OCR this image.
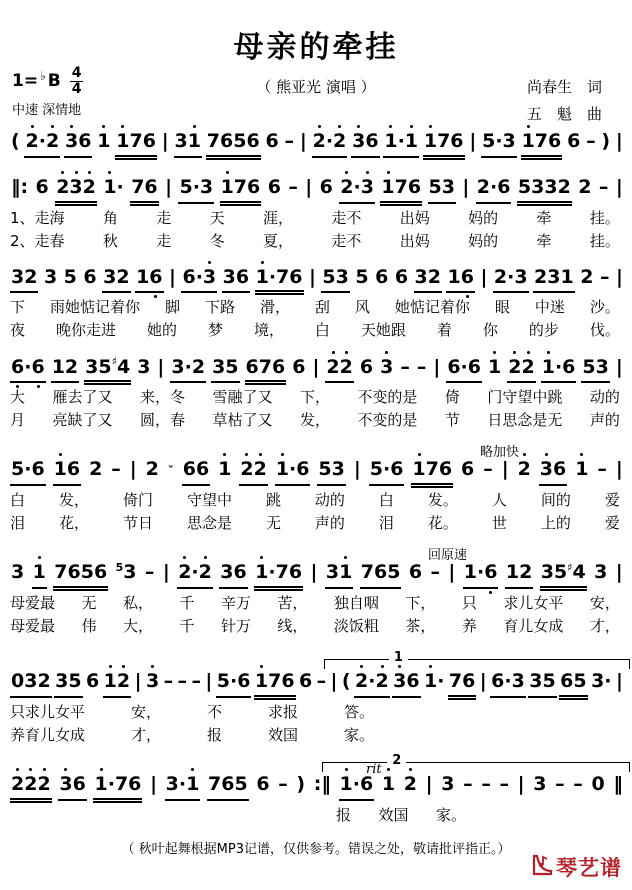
母亲的牵挂
（ 熊亚光 演唱 ）
1= ♭ B $\frac{4}{4}$
中速 深情地
尚春生　词
五　魁　曲
( 2·2 36 1 176 | 31 7656 6 – | 2·2 36 1·1 176 | 5·3 176 6 – ) |
‖: 6 232 1· 76 | 5·3 176 6 – | 6 2·3 176 53 | 2·6 5332 2 – |
1、走海	角	走	天	涯，	走不	出妈	妈的	牵	挂。
2、走春	秋	走	冬	夏，	走不	出妈	妈的	牵	挂。
32 3 5 6 32 16 | 6·3 36 1·76 | 53 5 6 6 32 16 | 2·3 231 2 – |
下 雨她惦记着你 脚 下路 滑， 刮 风 她惦记着你 眼 中迷 沙。
夜 晚你走进 她的 梦 境， 白 天她跟 着 你 的步 伐。
6·6 12 35♯4 3 | 3·2 35 676 6 | 22 6 3 – – | 6·6 1 22 1·6 53 |
大 雁去了又 来，冬 雪融了又 下， 不变的是 倚 门守望中跳 动的
月 亮缺了又 圆，春 草枯了又 发， 不变的是 节 日思念是无 声的
略加快
5·6 16 2 – | 2 ˇ 66 1 22 1·6 53 | 5·6 176 6 – | 2 36 1 – |
白 发， 倚门 守望中 跳 动的 白 发。 人 间的 爱
泪 花， 节日 思念是 无 声的 泪 花。 世 上的 爱
回原速
3 1 7656 $^5$3 – | 2·2 36 1·76 | 31 765 6 – | 1·6 12 35♯4 3 |
母爱最 无 私， 千 辛万 苦， 独自咽 下， 只 求儿女平 安，
母爱最 伟 大， 千 针万 线， 淡饭粗 茶， 养 育儿女成 才，
1
032 35 6 12 | 3 – – – | 5·6 176 6 – | ( 2·2 36 1· 76 | 6·3 35 65 3· |
只求儿女平	安，	不	求报	答。
养育儿女成	才，	报	效国	家。
2
rit
222 36 1·76 | 3·1 765 6 – ) :‖ 1·6 1 2 | 3 – – – | 3 – – 0 ‖
报 效国 家。
（ 秋叶起舞根据MP3记谱，仅供参考。错误之处，敬请批评指正。）
琴艺谱
